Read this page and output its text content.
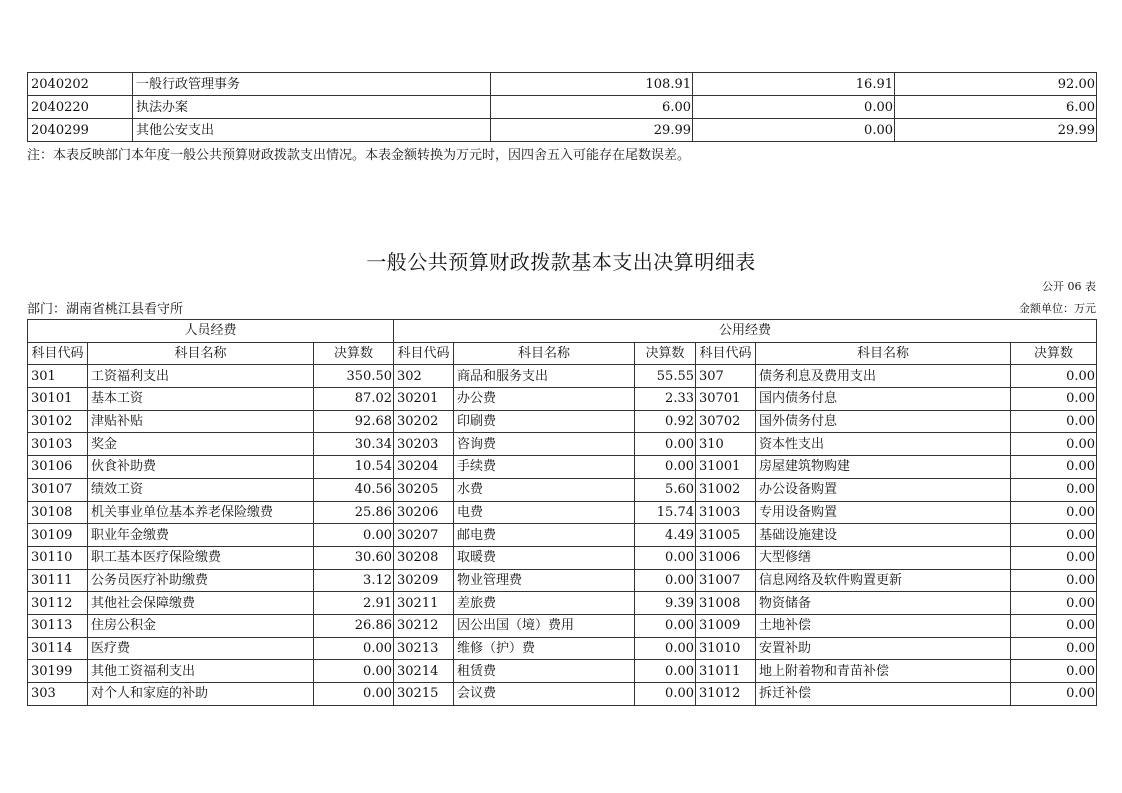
2040202	一般行政管理事务	108.91	16.91	92.00
2040220	执法办案	6.00	0.00	6.00
2040299	其他公安支出	29.99	0.00	29.99
注：本表反映部门本年度一般公共预算财政拨款支出情况。本表金额转换为万元时，因四舍五入可能存在尾数误差。
一般公共预算财政拨款基本支出决算明细表
公开 06 表
部门：湖南省桃江县看守所	金额单位：万元
人员经费			公用经费					
科目代码	科目名称	决算数	科目代码	科目名称	决算数	科目代码	科目名称	决算数
301	工资福利支出	350.50	302	商品和服务支出	55.55	307	债务利息及费用支出	0.00
30101	基本工资	87.02	30201	办公费	2.33	30701	国内债务付息	0.00
30102	津贴补贴	92.68	30202	印刷费	0.92	30702	国外债务付息	0.00
30103	奖金	30.34	30203	咨询费	0.00	310	资本性支出	0.00
30106	伙食补助费	10.54	30204	手续费	0.00	31001	房屋建筑物购建	0.00
30107	绩效工资	40.56	30205	水费	5.60	31002	办公设备购置	0.00
30108	机关事业单位基本养老保险缴费	25.86	30206	电费	15.74	31003	专用设备购置	0.00
30109	职业年金缴费	0.00	30207	邮电费	4.49	31005	基础设施建设	0.00
30110	职工基本医疗保险缴费	30.60	30208	取暖费	0.00	31006	大型修缮	0.00
30111	公务员医疗补助缴费	3.12	30209	物业管理费	0.00	31007	信息网络及软件购置更新	0.00
30112	其他社会保障缴费	2.91	30211	差旅费	9.39	31008	物资储备	0.00
30113	住房公积金	26.86	30212	因公出国（境）费用	0.00	31009	土地补偿	0.00
30114	医疗费	0.00	30213	维修（护）费	0.00	31010	安置补助	0.00
30199	其他工资福利支出	0.00	30214	租赁费	0.00	31011	地上附着物和青苗补偿	0.00
303	对个人和家庭的补助	0.00	30215	会议费	0.00	31012	拆迁补偿	0.00
